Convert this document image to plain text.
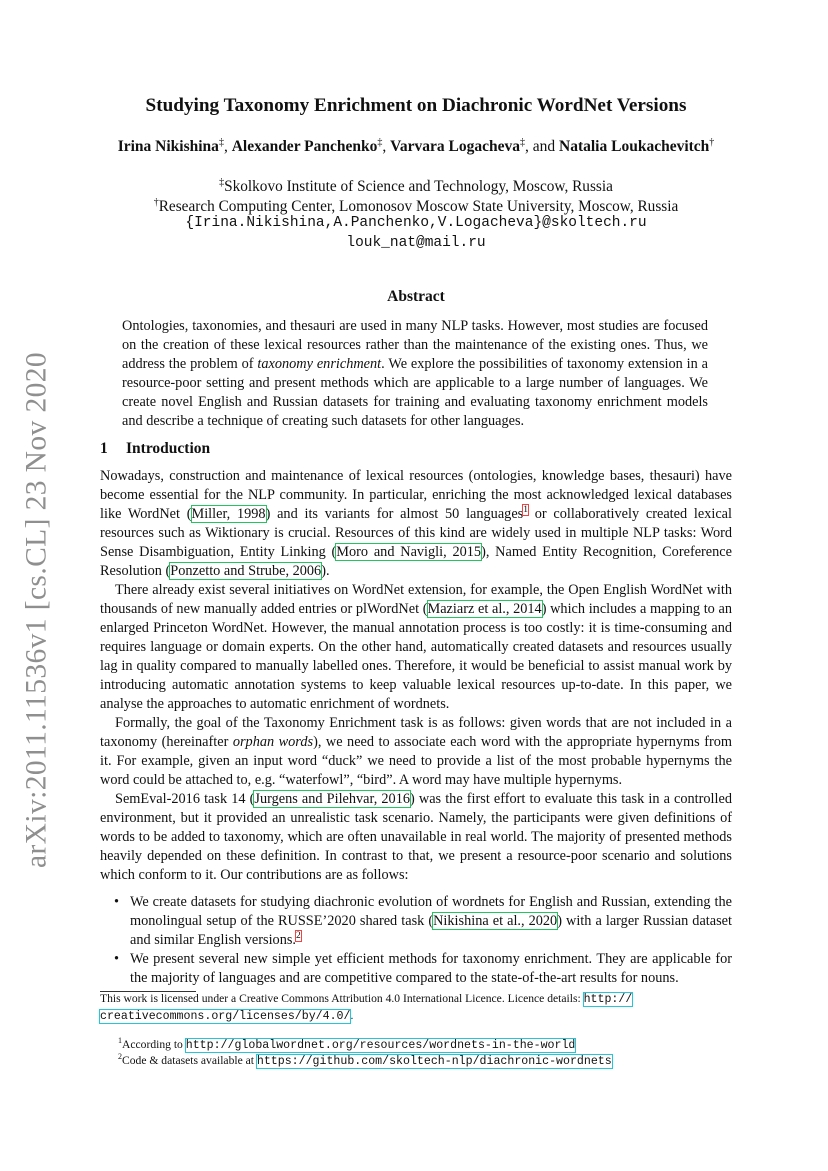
arXiv:2011.11536v1 [cs.CL] 23 Nov 2020
Studying Taxonomy Enrichment on Diachronic WordNet Versions
Irina Nikishina‡, Alexander Panchenko‡, Varvara Logacheva‡, and Natalia Loukachevitch†
‡Skolkovo Institute of Science and Technology, Moscow, Russia
†Research Computing Center, Lomonosov Moscow State University, Moscow, Russia
{Irina.Nikishina,A.Panchenko,V.Logacheva}@skoltech.ru
louk_nat@mail.ru
Abstract
Ontologies, taxonomies, and thesauri are used in many NLP tasks. However, most studies are focused on the creation of these lexical resources rather than the maintenance of the existing ones. Thus, we address the problem of taxonomy enrichment. We explore the possibilities of taxonomy extension in a resource-poor setting and present methods which are applicable to a large number of languages. We create novel English and Russian datasets for training and evaluating taxonomy enrichment models and describe a technique of creating such datasets for other languages.
1 Introduction

Nowadays, construction and maintenance of lexical resources (ontologies, knowledge bases, thesauri) have become essential for the NLP community. In particular, enriching the most acknowledged lexical databases like WordNet (Miller, 1998) and its variants for almost 50 languages$^1$ or collaboratively created lexical resources such as Wiktionary is crucial. Resources of this kind are widely used in multiple NLP tasks: Word Sense Disambiguation, Entity Linking (Moro and Navigli, 2015), Named Entity Recognition, Coreference Resolution (Ponzetto and Strube, 2006).

There already exist several initiatives on WordNet extension, for example, the Open English WordNet with thousands of new manually added entries or plWordNet (Maziarz et al., 2014) which includes a mapping to an enlarged Princeton WordNet. However, the manual annotation process is too costly: it is time-consuming and requires language or domain experts. On the other hand, automatically created datasets and resources usually lag in quality compared to manually labelled ones. Therefore, it would be beneficial to assist manual work by introducing automatic annotation systems to keep valuable lexical resources up-to-date. In this paper, we analyse the approaches to automatic enrichment of wordnets.

Formally, the goal of the Taxonomy Enrichment task is as follows: given words that are not included in a taxonomy (hereinafter orphan words), we need to associate each word with the appropriate hypernyms from it. For example, given an input word “duck” we need to provide a list of the most probable hypernyms the word could be attached to, e.g. “waterfowl”, “bird”. A word may have multiple hypernyms.

SemEval-2016 task 14 (Jurgens and Pilehvar, 2016) was the first effort to evaluate this task in a controlled environment, but it provided an unrealistic task scenario. Namely, the participants were given definitions of words to be added to taxonomy, which are often unavailable in real world. The majority of presented methods heavily depended on these definition. In contrast to that, we present a resource-poor scenario and solutions which conform to it. Our contributions are as follows:

• We create datasets for studying diachronic evolution of wordnets for English and Russian, extending the monolingual setup of the RUSSE’2020 shared task (Nikishina et al., 2020) with a larger Russian dataset and similar English versions.$^2$
• We present several new simple yet efficient methods for taxonomy enrichment. They are applicable for the majority of languages and are competitive compared to the state-of-the-art results for nouns.
This work is licensed under a Creative Commons Attribution 4.0 International Licence. Licence details: http://
creativecommons.org/licenses/by/4.0/.
$^1$According to http://globalwordnet.org/resources/wordnets-in-the-world
$^2$Code & datasets available at https://github.com/skoltech-nlp/diachronic-wordnets
